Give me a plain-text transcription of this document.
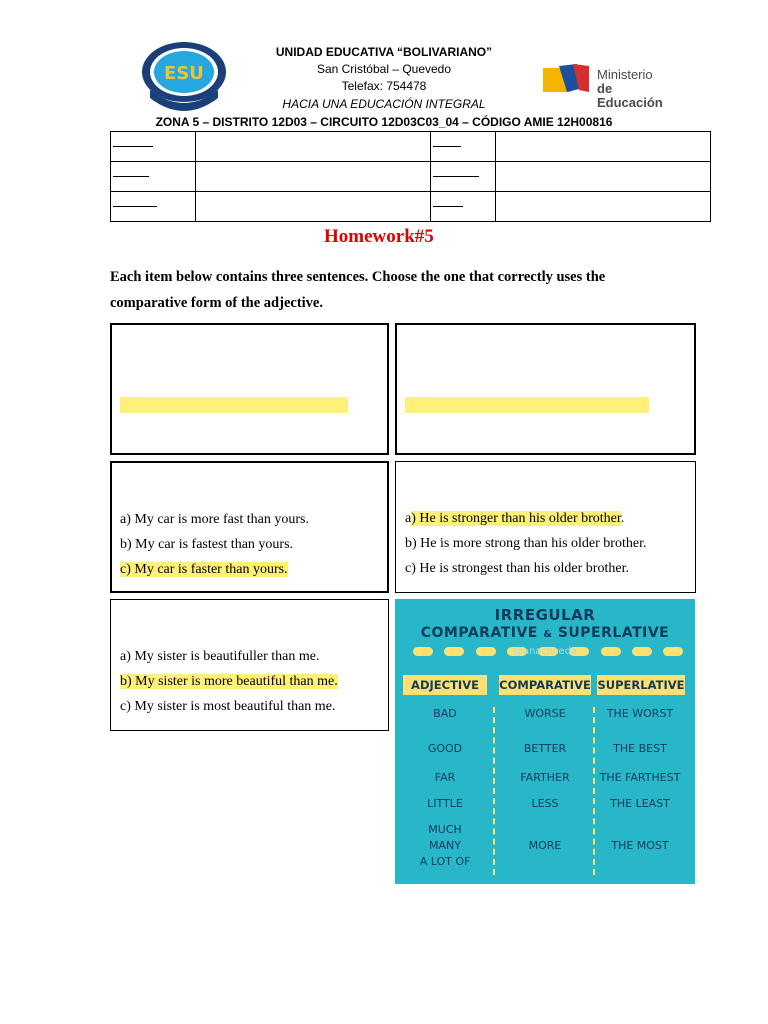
ESU
UNIDAD EDUCATIVA “BOLIVARIANO”
San Cristóbal – Quevedo
Telefax: 754478
HACIA UNA EDUCACIÓN INTEGRAL
ZONA 5 – DISTRITO 12D03 – CIRCUITO 12D03C03_04 – CÓDIGO AMIE 12H00816
Ministerio
de Educación

Homework#5
Each item below contains three sentences. Choose the one that correctly uses the comparative form of the adjective.
a) My car is more fast than yours.
b) My car is fastest than yours.
c) My car is faster than yours.
a) He is stronger than his older brother.
b) He is more strong than his older brother.
c) He is strongest than his older brother.
a) My sister is beautifuller than me.
b) My sister is more beautiful than me.
c) My sister is most beautiful than me.
IRREGULAR
COMPARATIVE & SUPERLATIVE
@anacoceda
ADJECTIVE	COMPARATIVE SUPERLATIVE
BAD	WORSE	THE WORST
GOOD	BETTER	THE BEST
FAR	FARTHER	THE FARTHEST
LITTLE	LESS	THE LEAST
MUCH
MANY
A LOT OF
MORE	THE MOST
